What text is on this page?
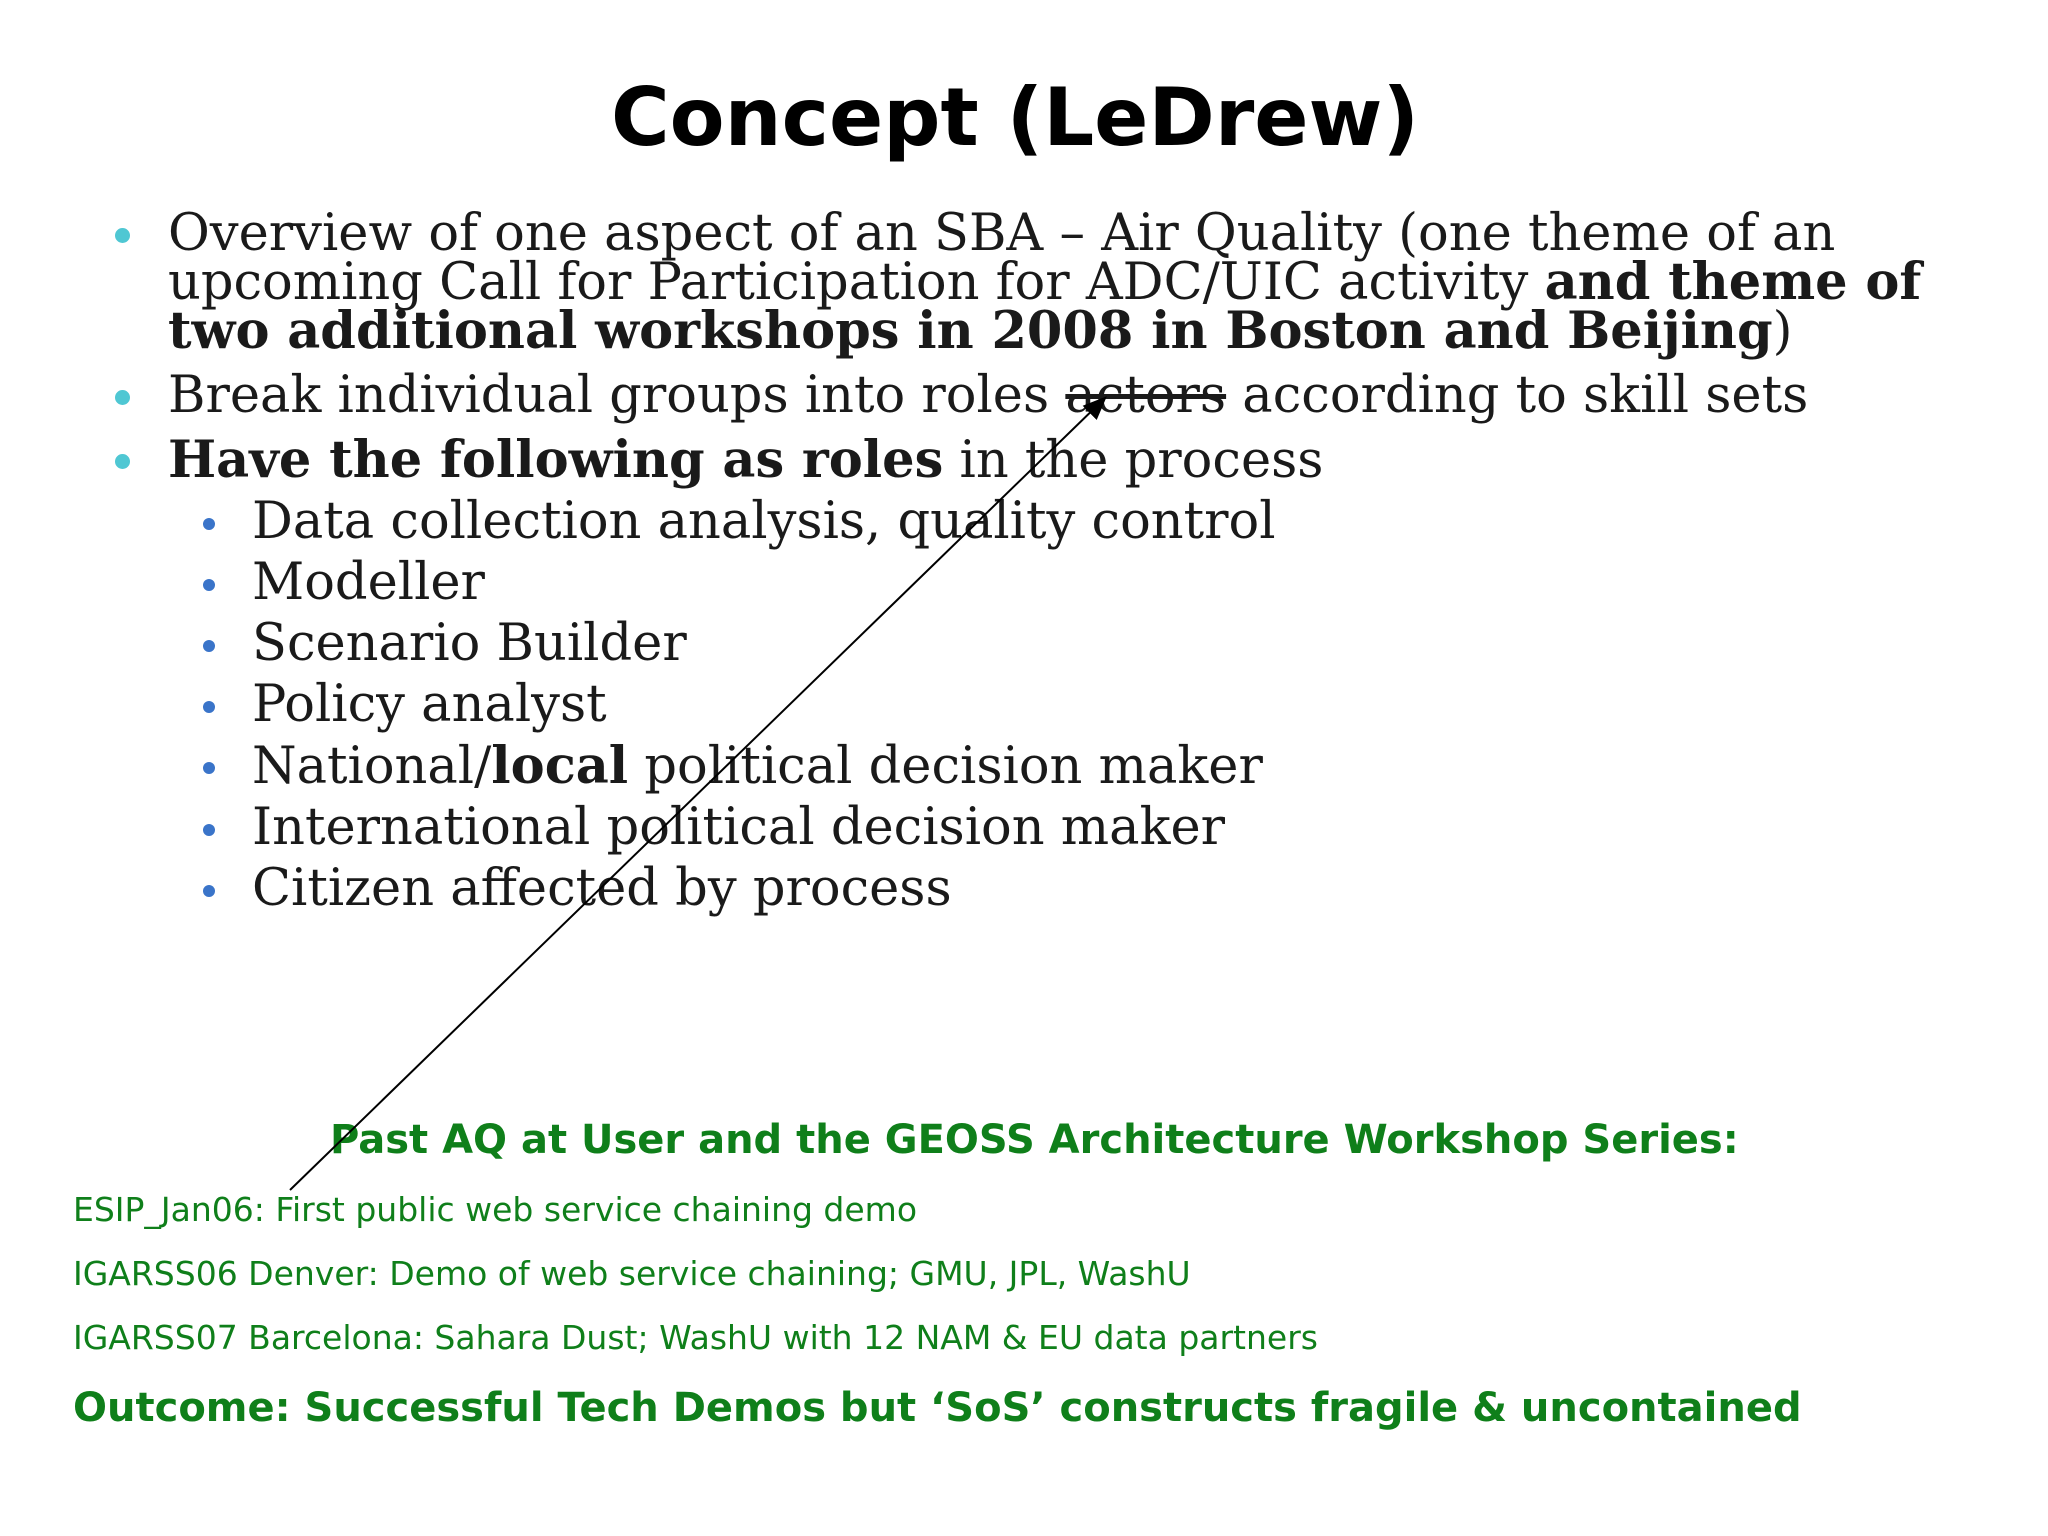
Concept (LeDrew)
Overview of one aspect of an SBA – Air Quality (one theme of an upcoming Call for Participation for ADC/UIC activity and theme of two additional workshops in 2008 in Boston and Beijing)
Break individual groups into roles actors according to skill sets
Have the following as roles in the process
Data collection analysis, quality control
Modeller
Scenario Builder
Policy analyst
National/local political decision maker
International political decision maker
Citizen affected by process
Past AQ at User and the GEOSS Architecture Workshop Series:
ESIP_Jan06: First public web service chaining demo
IGARSS06 Denver: Demo of web service chaining; GMU, JPL, WashU
IGARSS07 Barcelona: Sahara Dust; WashU with 12 NAM & EU data partners
Outcome: Successful Tech Demos but ‘SoS’ constructs fragile & uncontained
